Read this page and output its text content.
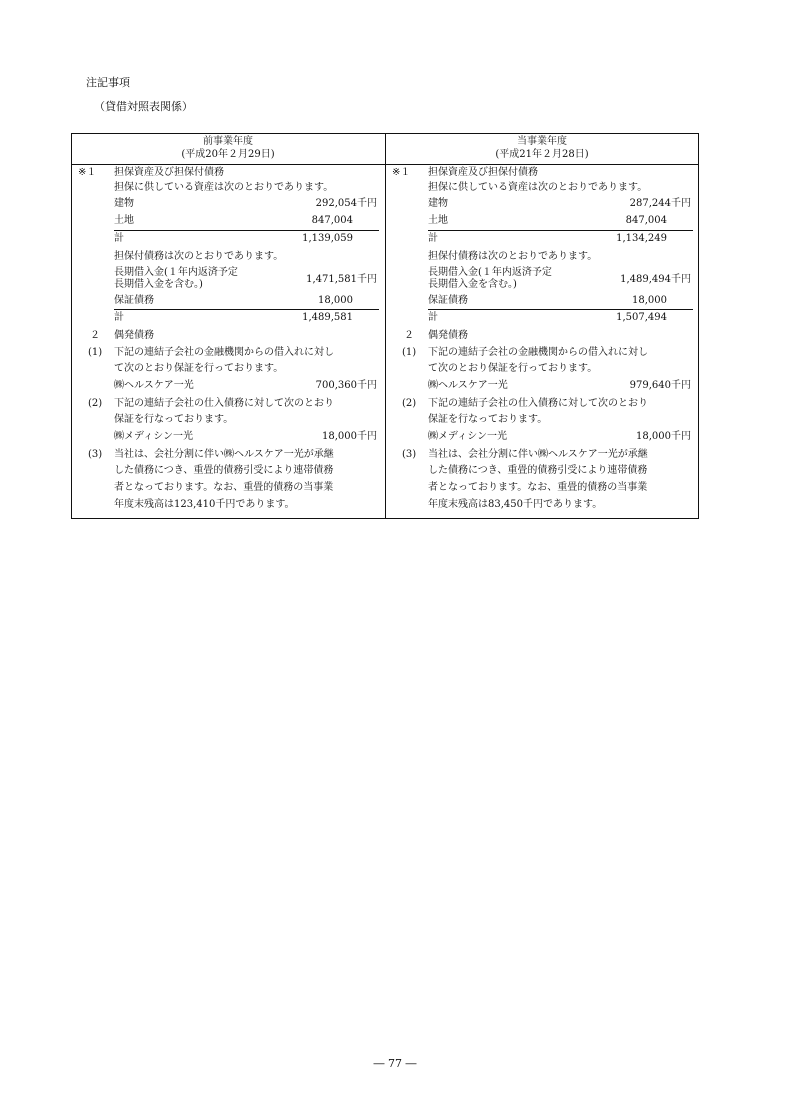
注記事項
（貸借対照表関係）
前事業年度
(平成20年２月29日)
※１ 担保資産及び担保付債務
担保に供している資産は次のとおりであります。
建物	292,054千円
土地	847,004
計	1,139,059
担保付債務は次のとおりであります。
長期借入金(１年内返済予定
長期借入金を含む。)	1,471,581千円
保証債務	18,000
計	1,489,581
２ 偶発債務
(1) 下記の連結子会社の金融機関からの借入れに対し
て次のとおり保証を行っております。
㈱ヘルスケア一光	700,360千円
(2) 下記の連結子会社の仕入債務に対して次のとおり
保証を行なっております。
㈱メディシン一光	18,000千円
(3) 当社は、会社分割に伴い㈱ヘルスケア一光が承継
した債務につき、重畳的債務引受により連帯債務
者となっております。なお、重畳的債務の当事業
年度末残高は123,410千円であります。
当事業年度
(平成21年２月28日)
※１ 担保資産及び担保付債務
担保に供している資産は次のとおりであります。
建物	287,244千円
土地	847,004
計	1,134,249
担保付債務は次のとおりであります。
長期借入金(１年内返済予定
長期借入金を含む。)	1,489,494千円
保証債務	18,000
計	1,507,494
２ 偶発債務
(1) 下記の連結子会社の金融機関からの借入れに対し
て次のとおり保証を行っております。
㈱ヘルスケア一光	979,640千円
(2) 下記の連結子会社の仕入債務に対して次のとおり
保証を行なっております。
㈱メディシン一光	18,000千円
(3) 当社は、会社分割に伴い㈱ヘルスケア一光が承継
した債務につき、重畳的債務引受により連帯債務
者となっております。なお、重畳的債務の当事業
年度末残高は83,450千円であります。
― 77 ―
